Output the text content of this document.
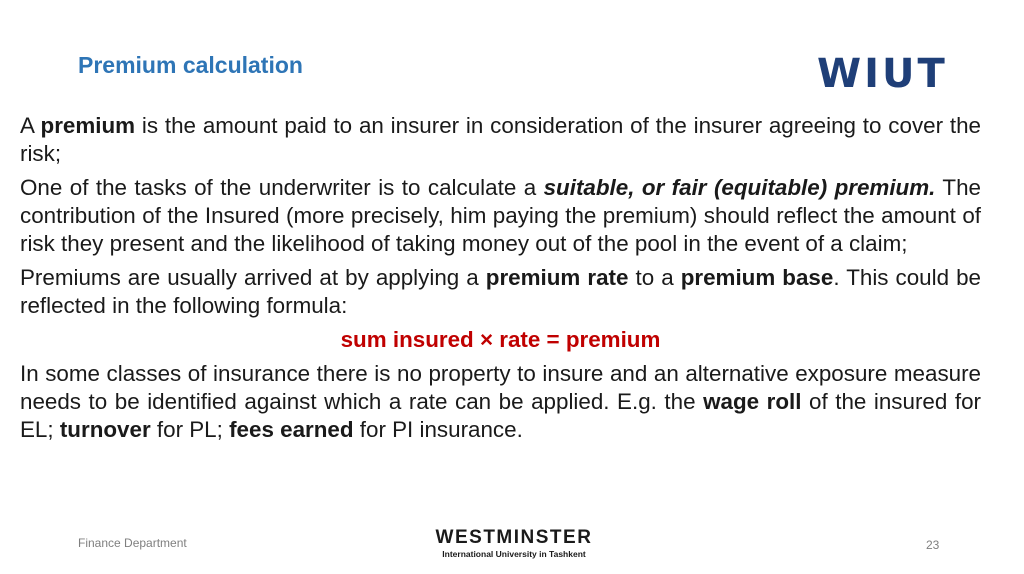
Premium calculation	WIUT

A premium is the amount paid to an insurer in consideration of the insurer agreeing to cover the risk;

One of the tasks of the underwriter is to calculate a suitable, or fair (equitable) premium. The contribution of the Insured (more precisely, him paying the premium) should reflect the amount of risk they present and the likelihood of taking money out of the pool in the event of a claim;

Premiums are usually arrived at by applying a premium rate to a premium base. This could be reflected in the following formula:

sum insured × rate = premium

In some classes of insurance there is no property to insure and an alternative exposure measure needs to be identified against which a rate can be applied. E.g. the wage roll of the insured for EL; turnover for PL; fees earned for PI insurance.

Finance Department	WESTMINSTER
International University in Tashkent
23
